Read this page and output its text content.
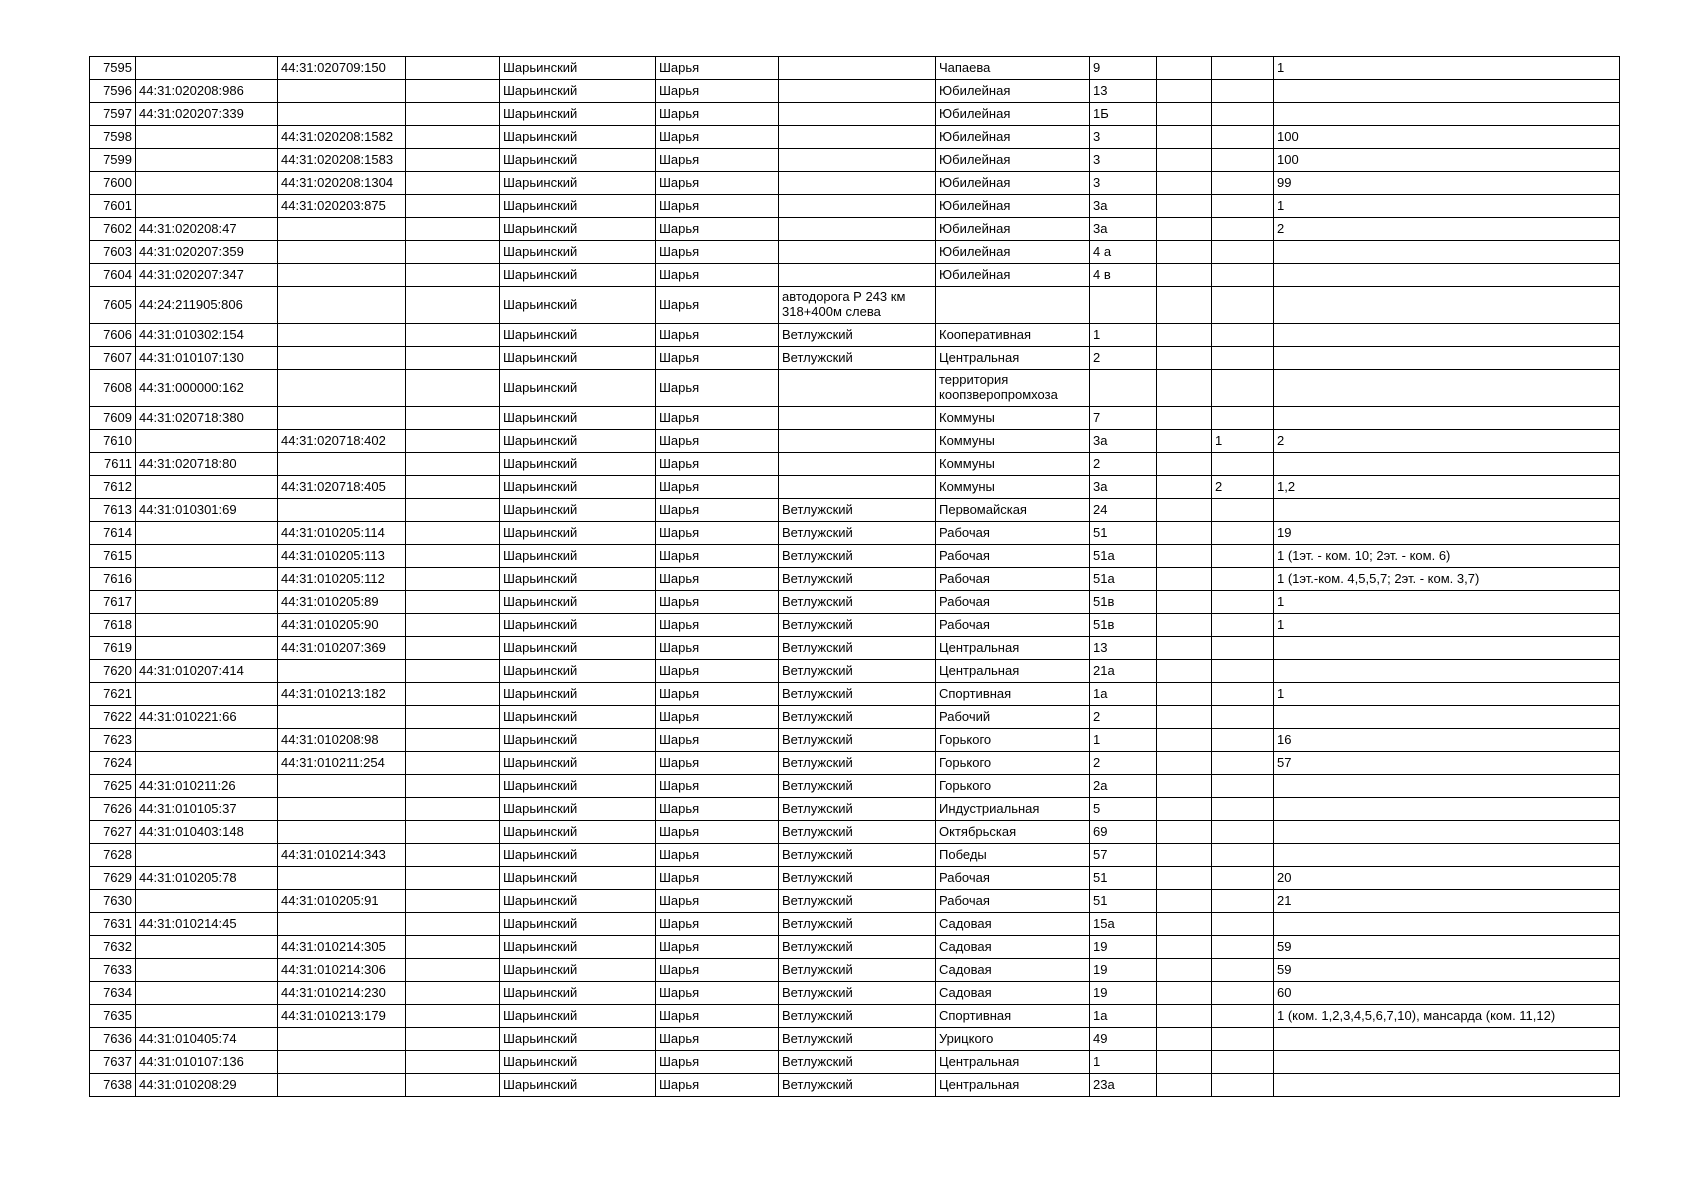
7595		44:31:020709:150		Шарьинский	Шарья		Чапаева	9			1
7596	44:31:020208:986			Шарьинский	Шарья		Юбилейная	13			
7597	44:31:020207:339			Шарьинский	Шарья		Юбилейная	1Б			
7598		44:31:020208:1582		Шарьинский	Шарья		Юбилейная	3			100
7599		44:31:020208:1583		Шарьинский	Шарья		Юбилейная	3			100
7600		44:31:020208:1304		Шарьинский	Шарья		Юбилейная	3			99
7601		44:31:020203:875		Шарьинский	Шарья		Юбилейная	3а			1
7602	44:31:020208:47			Шарьинский	Шарья		Юбилейная	3а			2
7603	44:31:020207:359			Шарьинский	Шарья		Юбилейная	4 а			
7604	44:31:020207:347			Шарьинский	Шарья		Юбилейная	4 в			
7605	44:24:211905:806			Шарьинский	Шарья	автодорога Р 243 км 318+400м слева					
7606	44:31:010302:154			Шарьинский	Шарья	Ветлужский	Кооперативная	1			
7607	44:31:010107:130			Шарьинский	Шарья	Ветлужский	Центральная	2			
7608	44:31:000000:162			Шарьинский	Шарья		территория коопзверопромхоза				
7609	44:31:020718:380			Шарьинский	Шарья		Коммуны	7			
7610		44:31:020718:402		Шарьинский	Шарья		Коммуны	3а		1	2
7611	44:31:020718:80			Шарьинский	Шарья		Коммуны	2			
7612		44:31:020718:405		Шарьинский	Шарья		Коммуны	3а		2	1,2
7613	44:31:010301:69			Шарьинский	Шарья	Ветлужский	Первомайская	24			
7614		44:31:010205:114		Шарьинский	Шарья	Ветлужский	Рабочая	51			19
7615		44:31:010205:113		Шарьинский	Шарья	Ветлужский	Рабочая	51а			1 (1эт. - ком. 10; 2эт. - ком. 6)
7616		44:31:010205:112		Шарьинский	Шарья	Ветлужский	Рабочая	51а			1 (1эт.-ком. 4,5,5,7; 2эт. - ком. 3,7)
7617		44:31:010205:89		Шарьинский	Шарья	Ветлужский	Рабочая	51в			1
7618		44:31:010205:90		Шарьинский	Шарья	Ветлужский	Рабочая	51в			1
7619		44:31:010207:369		Шарьинский	Шарья	Ветлужский	Центральная	13			
7620	44:31:010207:414			Шарьинский	Шарья	Ветлужский	Центральная	21а			
7621		44:31:010213:182		Шарьинский	Шарья	Ветлужский	Спортивная	1а			1
7622	44:31:010221:66			Шарьинский	Шарья	Ветлужский	Рабочий	2			
7623		44:31:010208:98		Шарьинский	Шарья	Ветлужский	Горького	1			16
7624		44:31:010211:254		Шарьинский	Шарья	Ветлужский	Горького	2			57
7625	44:31:010211:26			Шарьинский	Шарья	Ветлужский	Горького	2а			
7626	44:31:010105:37			Шарьинский	Шарья	Ветлужский	Индустриальная	5			
7627	44:31:010403:148			Шарьинский	Шарья	Ветлужский	Октябрьская	69			
7628		44:31:010214:343		Шарьинский	Шарья	Ветлужский	Победы	57			
7629	44:31:010205:78			Шарьинский	Шарья	Ветлужский	Рабочая	51			20
7630		44:31:010205:91		Шарьинский	Шарья	Ветлужский	Рабочая	51			21
7631	44:31:010214:45			Шарьинский	Шарья	Ветлужский	Садовая	15а			
7632		44:31:010214:305		Шарьинский	Шарья	Ветлужский	Садовая	19			59
7633		44:31:010214:306		Шарьинский	Шарья	Ветлужский	Садовая	19			59
7634		44:31:010214:230		Шарьинский	Шарья	Ветлужский	Садовая	19			60
7635		44:31:010213:179		Шарьинский	Шарья	Ветлужский	Спортивная	1а			1 (ком. 1,2,3,4,5,6,7,10), мансарда (ком. 11,12)
7636	44:31:010405:74			Шарьинский	Шарья	Ветлужский	Урицкого	49			
7637	44:31:010107:136			Шарьинский	Шарья	Ветлужский	Центральная	1			
7638	44:31:010208:29			Шарьинский	Шарья	Ветлужский	Центральная	23а			
